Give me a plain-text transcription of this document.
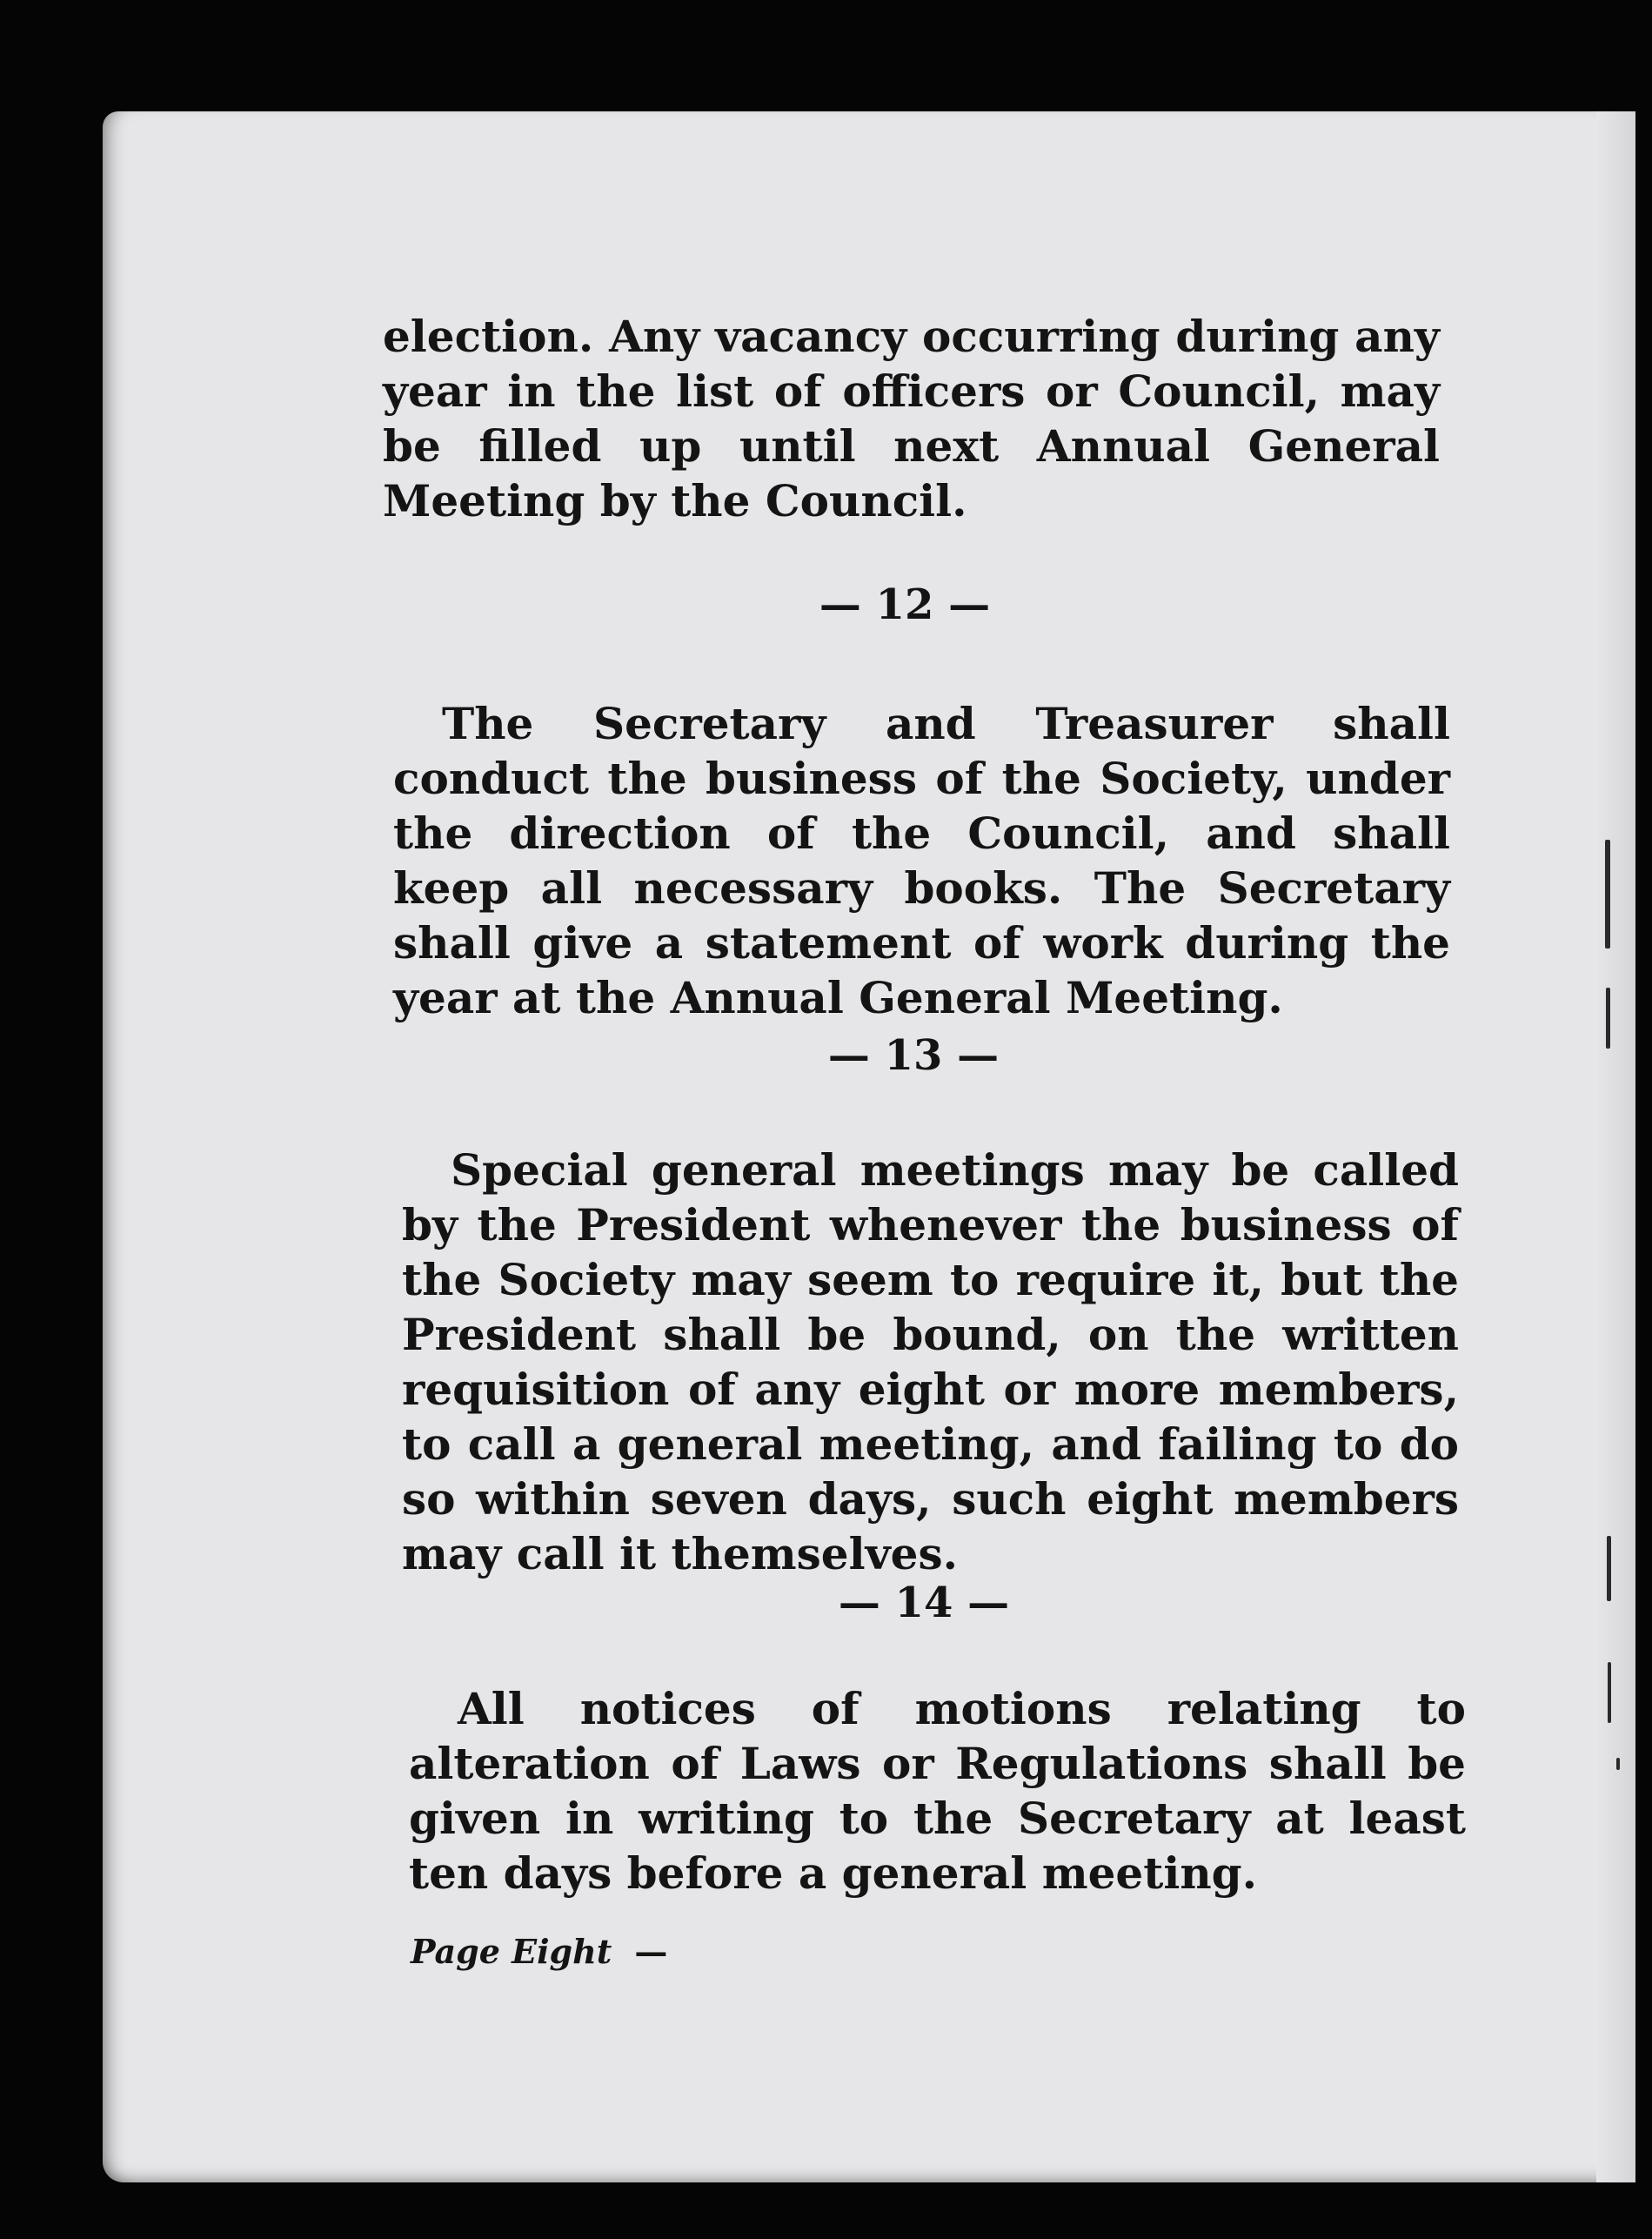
election. Any vacancy occurring during any year in the list of officers or Council, may be filled up until next Annual General Meeting by the Council.
— 12 —
The Secretary and Treasurer shall conduct the business of the Society, under the direction of the Council, and shall keep all necessary books. The Secretary shall give a statement of work during the year at the Annual General Meeting.
— 13 —
Special general meetings may be called by the President whenever the business of the Society may seem to require it, but the President shall be bound, on the written requisition of any eight or more members, to call a general meeting, and failing to do so within seven days, such eight members may call it themselves.
— 14 —
All notices of motions relating to alteration of Laws or Regulations shall be given in writing to the Secretary at least ten days before a general meeting.
Page Eight —
